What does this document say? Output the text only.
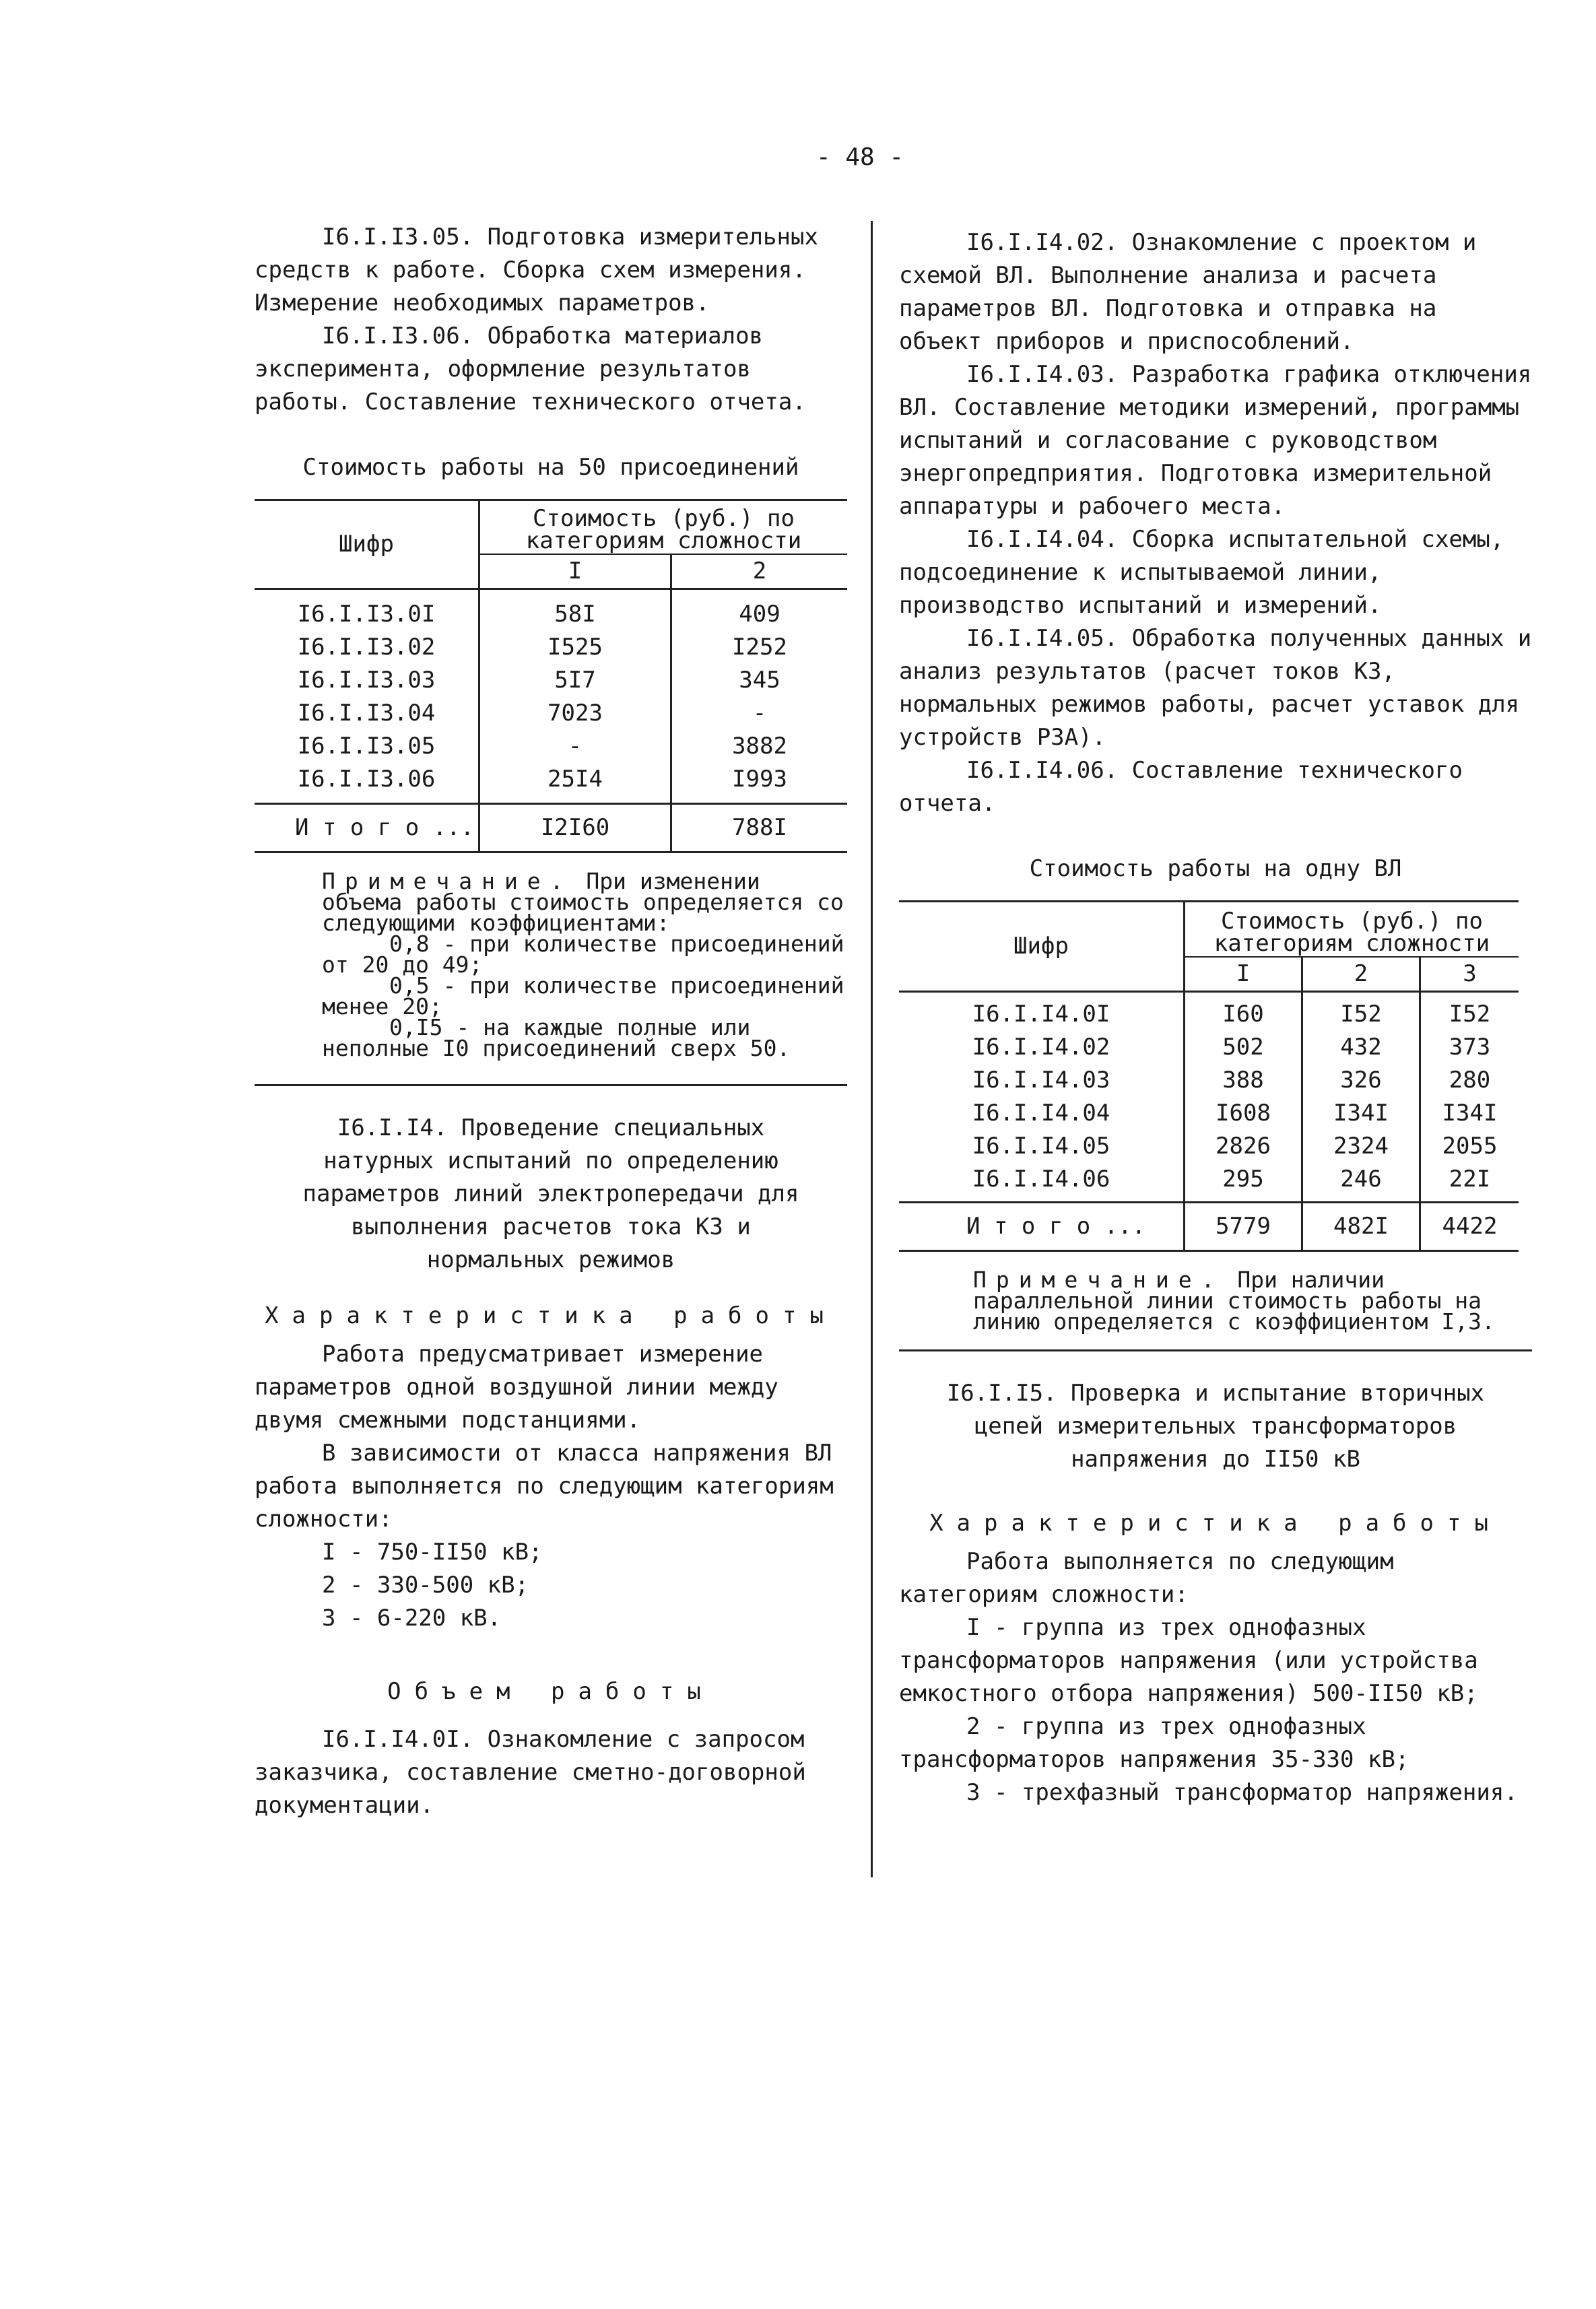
- 48 -

I6.I.I3.05. Подготовка измерительных средств к работе. Сборка схем измерения. Измерение необходимых параметров.

I6.I.I3.06. Обработка материалов эксперимента, оформление результатов работы. Составление технического отчета.

Стоимость работы на 50 присоединений

Шифр	Стоимость (руб.) по категориям сложности	
	I	2
I6.I.I3.0I	58I	409
I6.I.I3.02	I525	I252
I6.I.I3.03	5I7	345
I6.I.I3.04	7023	-
I6.I.I3.05	-	3882
I6.I.I3.06	25I4	I993
И т о г о ...	I2I60	788I

Примечание. При изменении объема работы стоимость определяется со следующими коэффициентами:

0,8 - при количестве присоединений от 20 до 49;

0,5 - при количестве присоединений менее 20;

0,I5 - на каждые полные или неполные I0 присоединений сверх 50.

I6.I.I4. Проведение специальных натурных испытаний по определению параметров линий электропередачи для выполнения расчетов тока КЗ и нормальных режимов

Характеристика работы

Работа предусматривает измерение параметров одной воздушной линии между двумя смежными подстанциями.

В зависимости от класса напряжения ВЛ работа выполняется по следующим категориям сложности:

I - 750-II50 кВ;

2 - 330-500 кВ;

3 - 6-220 кВ.

Объем работы

I6.I.I4.0I. Ознакомление с запросом заказчика, составление сметно-договорной документации.

I6.I.I4.02. Ознакомление с проектом и схемой ВЛ. Выполнение анализа и расчета параметров ВЛ. Подготовка и отправка на объект приборов и приспособлений.

I6.I.I4.03. Разработка графика отключения ВЛ. Составление методики измерений, программы испытаний и согласование с руководством энергопредприятия. Подготовка измерительной аппаратуры и рабочего места.

I6.I.I4.04. Сборка испытательной схемы, подсоединение к испытываемой линии, производство испытаний и измерений.

I6.I.I4.05. Обработка полученных данных и анализ результатов (расчет токов КЗ, нормальных режимов работы, расчет уставок для устройств РЗА).

I6.I.I4.06. Составление технического отчета.

Стоимость работы на одну ВЛ

Шифр	Стоимость (руб.) по категориям сложности		
	I	2	3
I6.I.I4.0I	I60	I52	I52
I6.I.I4.02	502	432	373
I6.I.I4.03	388	326	280
I6.I.I4.04	I608	I34I	I34I
I6.I.I4.05	2826	2324	2055
I6.I.I4.06	295	246	22I
И т о г о ...	5779	482I	4422

Примечание. При наличии параллельной линии стоимость работы на линию определяется с коэффициентом I,3.

I6.I.I5. Проверка и испытание вторичных цепей измерительных трансформаторов напряжения до II50 кВ

Характеристика работы

Работа выполняется по следующим категориям сложности:

I - группа из трех однофазных трансформаторов напряжения (или устройства емкостного отбора напряжения) 500-II50 кВ;

2 - группа из трех однофазных трансформаторов напряжения 35-330 кВ;

3 - трехфазный трансформатор напряжения.
